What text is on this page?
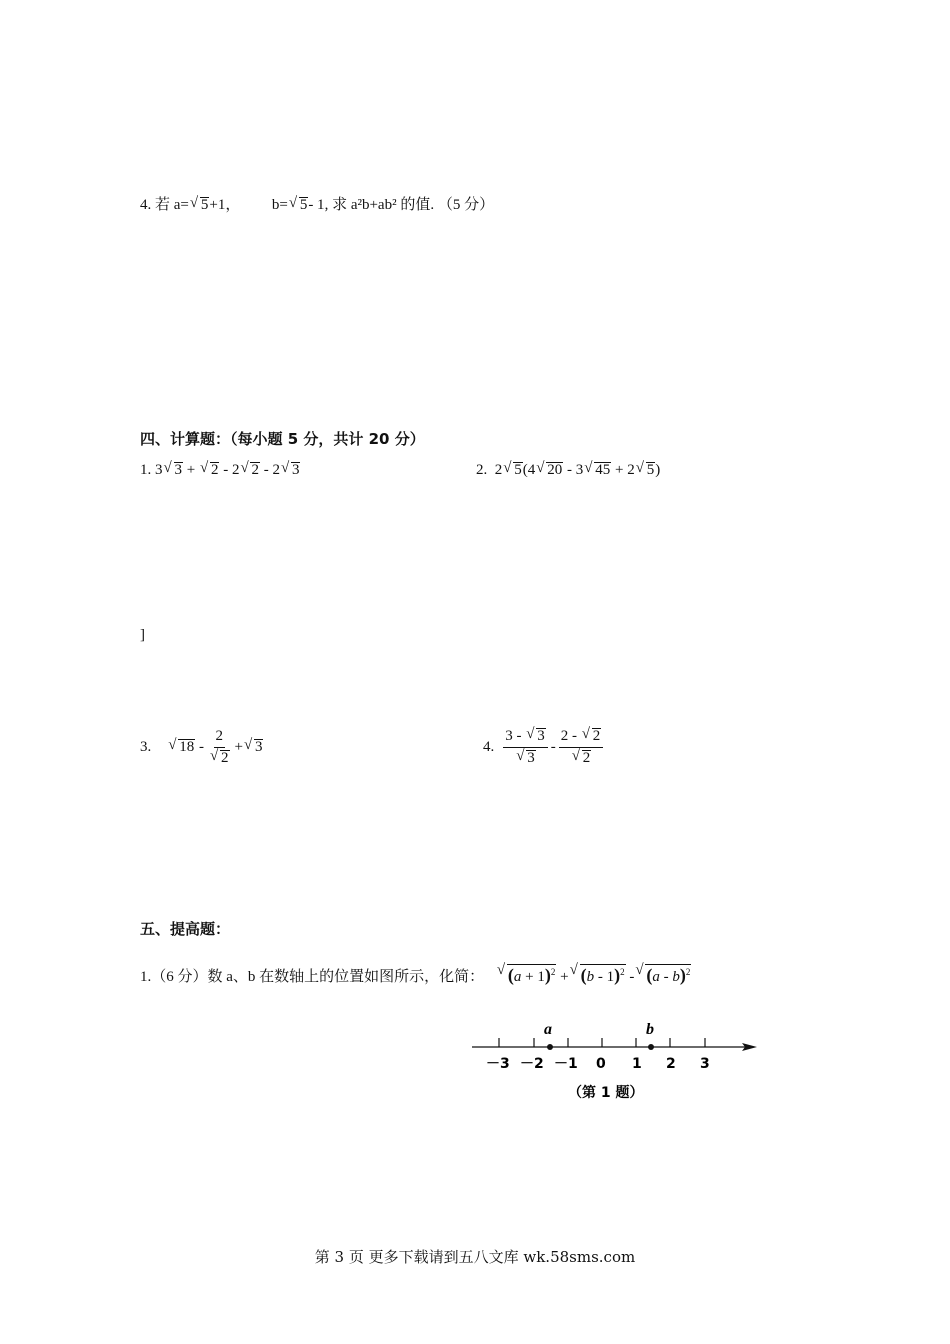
4. 若 a= √ 5+1， b= √ 5- 1, 求 a²b+ab² 的值. （5 分）
四、计算题：（每小题 5 分，共计 20 分）
1. 3 √ 3 + √ 2 - 2 √ 2 - 2 √ 3	2.  2 √ 5(4 √ 20 - 3 √ 45 + 2 √ 5)
]
3. √ $18 - \frac{2}{√ 2}$ + √ 3	4. $\frac{3 - √ 3}{√ 3} - \frac{2 - √ 2}{√ 2}$
五、提高题：
1.（6 分）数 a、b 在数轴上的位置如图所示，化简： √ $(a + 1)^2$ + √ (b - 1)$^2$ - √ (a - b)$^2$
a	b
－3 －2 －1 0 1 2 3
（第 1 题）
第 3 页 更多下载请到五八文库 wk.58sms.com
